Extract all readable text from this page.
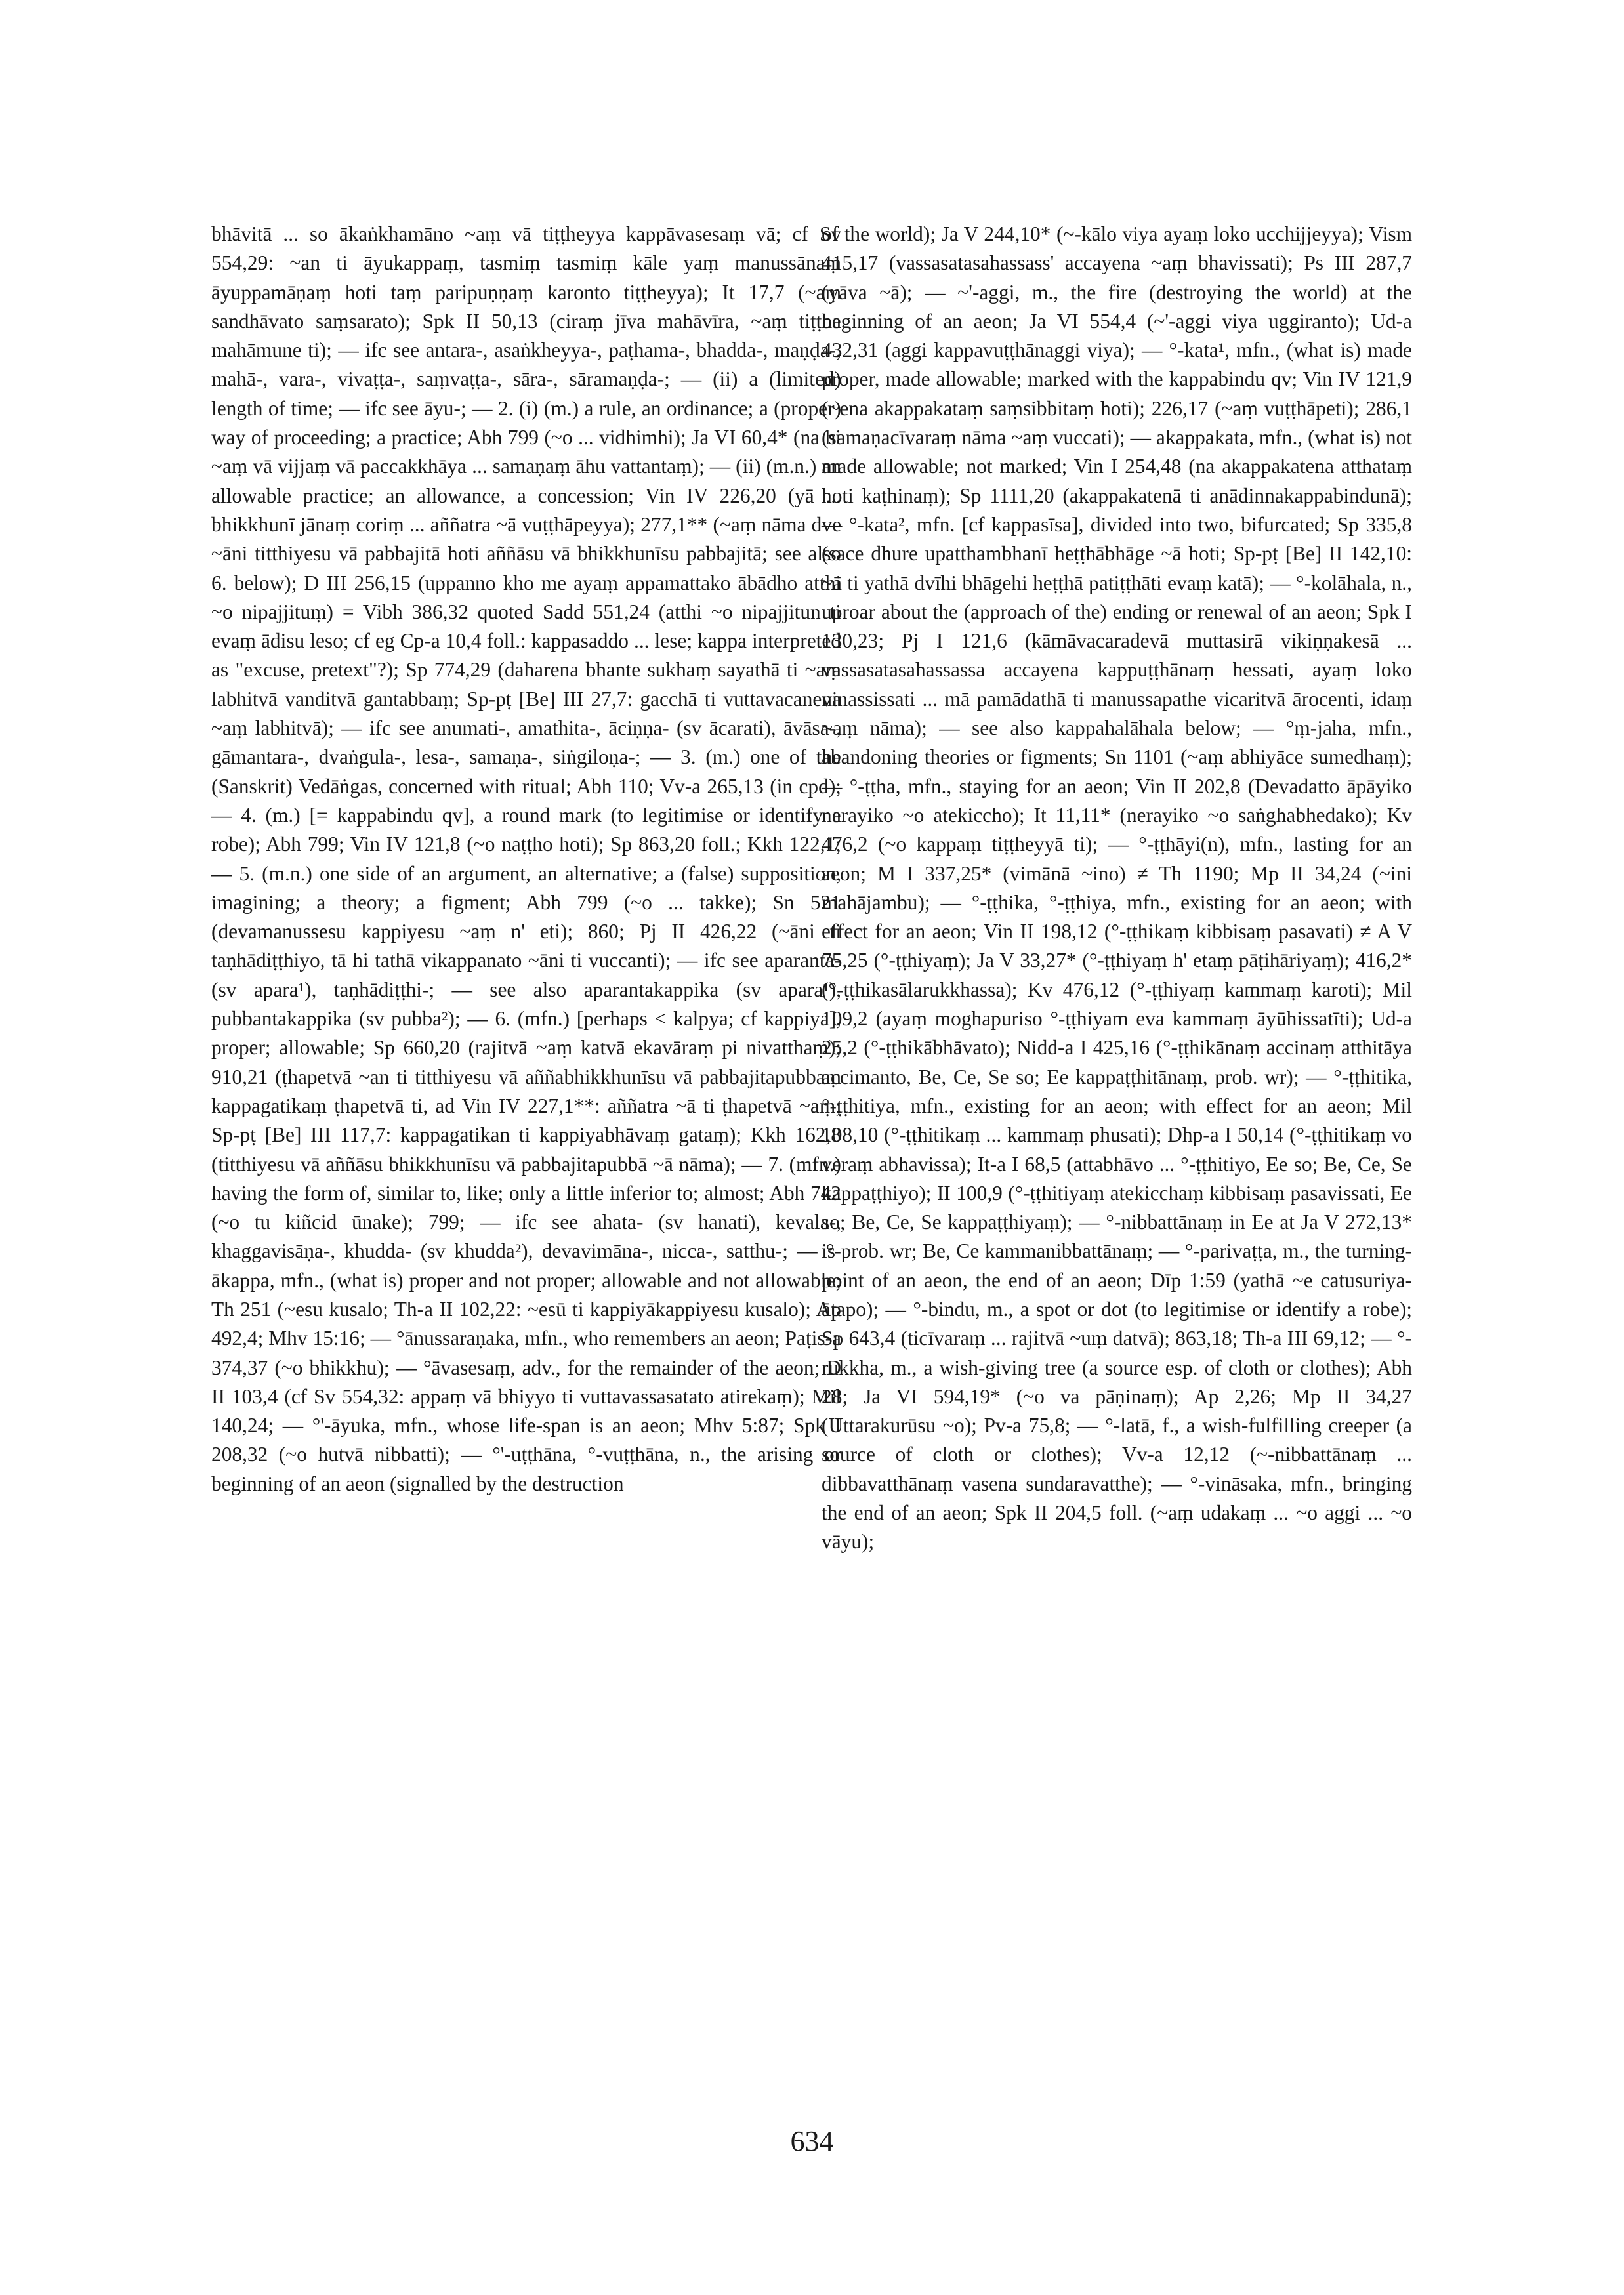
bhāvitā ... so ākaṅkhamāno ~aṃ vā tiṭṭheyya kappāvasesaṃ vā; cf Sv 554,29: ~an ti āyukappaṃ, tasmiṃ tasmiṃ kāle yaṃ manussānaṃ āyuppamāṇaṃ hoti taṃ paripuṇṇaṃ karonto tiṭṭheyya); It 17,7 (~aṃ sandhāvato saṃsarato); Spk II 50,13 (ciraṃ jīva mahāvīra, ~aṃ tiṭṭha mahāmune ti); — ifc see antara-, asaṅkheyya-, paṭhama-, bhadda-, maṇḍa-, mahā-, vara-, vivaṭṭa-, saṃvaṭṭa-, sāra-, sāramaṇḍa-; — (ii) a (limited) length of time; — ifc see āyu-; — 2. (i) (m.) a rule, an ordinance; a (proper) way of proceeding; a practice; Abh 799 (~o ... vidhimhi); Ja VI 60,4* (na hi ~aṃ vā vijjaṃ vā paccakkhāya ... samaṇaṃ āhu vattantaṃ); — (ii) (m.n.) an allowable practice; an allowance, a concession; Vin IV 226,20 (yā ... bhikkhunī jānaṃ coriṃ ... aññatra ~ā vuṭṭhāpeyya); 277,1** (~aṃ nāma dve ~āni titthiyesu vā pabbajitā hoti aññāsu vā bhikkhunīsu pabbajitā; see also 6. below); D III 256,15 (uppanno kho me ayaṃ appamattako ābādho atthi ~o nipajjituṃ) = Vibh 386,32 quoted Sadd 551,24 (atthi ~o nipajjitun ti evaṃ ādisu leso; cf eg Cp-a 10,4 foll.: kappasaddo ... lese; kappa interpreted as "excuse, pretext"?); Sp 774,29 (daharena bhante sukhaṃ sayathā ti ~aṃ labhitvā vanditvā gantabbaṃ; Sp-pṭ [Be] III 27,7: gacchā ti vuttavacanena ~aṃ labhitvā); — ifc see anumati-, amathita-, āciṇṇa- (sv ācarati), āvāsa-, gāmantara-, dvaṅgula-, lesa-, samaṇa-, siṅgiloṇa-; — 3. (m.) one of the (Sanskrit) Vedāṅgas, concerned with ritual; Abh 110; Vv-a 265,13 (in cpd); — 4. (m.) [= kappabindu qv], a round mark (to legitimise or identify a robe); Abh 799; Vin IV 121,8 (~o naṭṭho hoti); Sp 863,20 foll.; Kkh 122,1; — 5. (m.n.) one side of an argument, an alternative; a (false) supposition, imagining; a theory; a figment; Abh 799 (~o ... takke); Sn 521 (devamanussesu kappiyesu ~aṃ n' eti); 860; Pj II 426,22 (~āni ti taṇhādiṭṭhiyo, tā hi tathā vikappanato ~āni ti vuccanti); — ifc see aparanta- (sv apara¹), taṇhādiṭṭhi-; — see also aparantakappika (sv apara¹), pubbantakappika (sv pubba²); — 6. (mfn.) [perhaps < kalpya; cf kappiya], proper; allowable; Sp 660,20 (rajitvā ~aṃ katvā ekavāraṃ pi nivatthaṃ); 910,21 (ṭhapetvā ~an ti titthiyesu vā aññabhikkhunīsu vā pabbajitapubbaṃ kappagatikaṃ ṭhapetvā ti, ad Vin IV 227,1**: aññatra ~ā ti ṭhapetvā ~aṃ; Sp-pṭ [Be] III 117,7: kappagatikan ti kappiyabhāvaṃ gataṃ); Kkh 162,8 (titthiyesu vā aññāsu bhikkhunīsu vā pabbajitapubbā ~ā nāma); — 7. (mfn.) having the form of, similar to, like; only a little inferior to; almost; Abh 742 (~o tu kiñcid ūnake); 799; — ifc see ahata- (sv hanati), kevala-, khaggavisāṇa-, khudda- (sv khudda²), devavimāna-, nicca-, satthu-; — °-ākappa, mfn., (what is) proper and not proper; allowable and not allowable; Th 251 (~esu kusalo; Th-a II 102,22: ~esū ti kappiyākappiyesu kusalo); Ap 492,4; Mhv 15:16; — °ānussaraṇaka, mfn., who remembers an aeon; Paṭis-a 374,37 (~o bhikkhu); — °āvasesaṃ, adv., for the remainder of the aeon; D II 103,4 (cf Sv 554,32: appaṃ vā bhiyyo ti vuttavassasatato atirekaṃ); Mil 140,24; — °'-āyuka, mfn., whose life-span is an aeon; Mhv 5:87; Spk I 208,32 (~o hutvā nibbatti); — °'-uṭṭhāna, °-vuṭṭhāna, n., the arising or beginning of an aeon (signalled by the destruction

of the world); Ja V 244,10* (~-kālo viya ayaṃ loko ucchijjeyya); Vism 415,17 (vassasatasahassass' accayena ~aṃ bhavissati); Ps III 287,7 (yāva ~ā); — ~'-aggi, m., the fire (destroying the world) at the beginning of an aeon; Ja VI 554,4 (~'-aggi viya uggiranto); Ud-a 432,31 (aggi kappavuṭṭhānaggi viya); — °-kata¹, mfn., (what is) made proper, made allowable; marked with the kappabindu qv; Vin IV 121,9 (~ena akappakataṃ saṃsibbitaṃ hoti); 226,17 (~aṃ vuṭṭhāpeti); 286,1 (samaṇacīvaraṃ nāma ~aṃ vuccati); — akappakata, mfn., (what is) not made allowable; not marked; Vin I 254,48 (na akappakatena atthataṃ hoti kaṭhinaṃ); Sp 1111,20 (akappakatenā ti anādinnakappabindunā); — °-kata², mfn. [cf kappasīsa], divided into two, bifurcated; Sp 335,8 (sace dhure upatthambhanī heṭṭhābhāge ~ā hoti; Sp-pṭ [Be] II 142,10: ~ā ti yathā dvīhi bhāgehi heṭṭhā patiṭṭhāti evaṃ katā); — °-kolāhala, n., uproar about the (approach of the) ending or renewal of an aeon; Spk I 130,23; Pj I 121,6 (kāmāvacaradevā muttasirā vikiṇṇakesā ... vassasatasahassassa accayena kappuṭṭhānaṃ hessati, ayaṃ loko vinassissati ... mā pamādathā ti manussapathe vicaritvā ārocenti, idaṃ ~aṃ nāma); — see also kappahalāhala below; — °ṃ-jaha, mfn., abandoning theories or figments; Sn 1101 (~aṃ abhiyāce sumedhaṃ); — °-ṭṭha, mfn., staying for an aeon; Vin II 202,8 (Devadatto āpāyiko nerayiko ~o atekiccho); It 11,11* (nerayiko ~o saṅghabhedako); Kv 476,2 (~o kappaṃ tiṭṭheyyā ti); — °-ṭṭhāyi(n), mfn., lasting for an aeon; M I 337,25* (vimānā ~ino) ≠ Th 1190; Mp II 34,24 (~ini mahājambu); — °-ṭṭhika, °-ṭṭhiya, mfn., existing for an aeon; with effect for an aeon; Vin II 198,12 (°-ṭṭhikaṃ kibbisaṃ pasavati) ≠ A V 75,25 (°-ṭṭhiyaṃ); Ja V 33,27* (°-ṭṭhiyaṃ h' etaṃ pāṭihāriyaṃ); 416,2* (°-ṭṭhikasālarukkhassa); Kv 476,12 (°-ṭṭhiyaṃ kammaṃ karoti); Mil 109,2 (ayaṃ moghapuriso °-ṭṭhiyam eva kammaṃ āyūhissatīti); Ud-a 25,2 (°-ṭṭhikābhāvato); Nidd-a I 425,16 (°-ṭṭhikānaṃ accinaṃ atthitāya accimanto, Be, Ce, Se so; Ee kappaṭṭhitānaṃ, prob. wr); — °-ṭṭhitika, °-ṭṭhitiya, mfn., existing for an aeon; with effect for an aeon; Mil 108,10 (°-ṭṭhitikaṃ ... kammaṃ phusati); Dhp-a I 50,14 (°-ṭṭhitikaṃ vo veraṃ abhavissa); It-a I 68,5 (attabhāvo ... °-ṭṭhitiyo, Ee so; Be, Ce, Se kappaṭṭhiyo); II 100,9 (°-ṭṭhitiyaṃ atekicchaṃ kibbisaṃ pasavissati, Ee so; Be, Ce, Se kappaṭṭhiyaṃ); — °-nibbattānaṃ in Ee at Ja V 272,13* is prob. wr; Be, Ce kammanibbattānaṃ; — °-parivaṭṭa, m., the turning-point of an aeon, the end of an aeon; Dīp 1:59 (yathā ~e catusuriya-ātapo); — °-bindu, m., a spot or dot (to legitimise or identify a robe); Sp 643,4 (ticīvaraṃ ... rajitvā ~uṃ datvā); 863,18; Th-a III 69,12; — °-rukkha, m., a wish-giving tree (a source esp. of cloth or clothes); Abh 28; Ja VI 594,19* (~o va pāṇinaṃ); Ap 2,26; Mp II 34,27 (Uttarakurūsu ~o); Pv-a 75,8; — °-latā, f., a wish-fulfilling creeper (a source of cloth or clothes); Vv-a 12,12 (~-nibbattānaṃ ... dibbavatthānaṃ vasena sundaravatthe); — °-vināsaka, mfn., bringing the end of an aeon; Spk II 204,5 foll. (~aṃ udakaṃ ... ~o aggi ... ~o vāyu);

634
